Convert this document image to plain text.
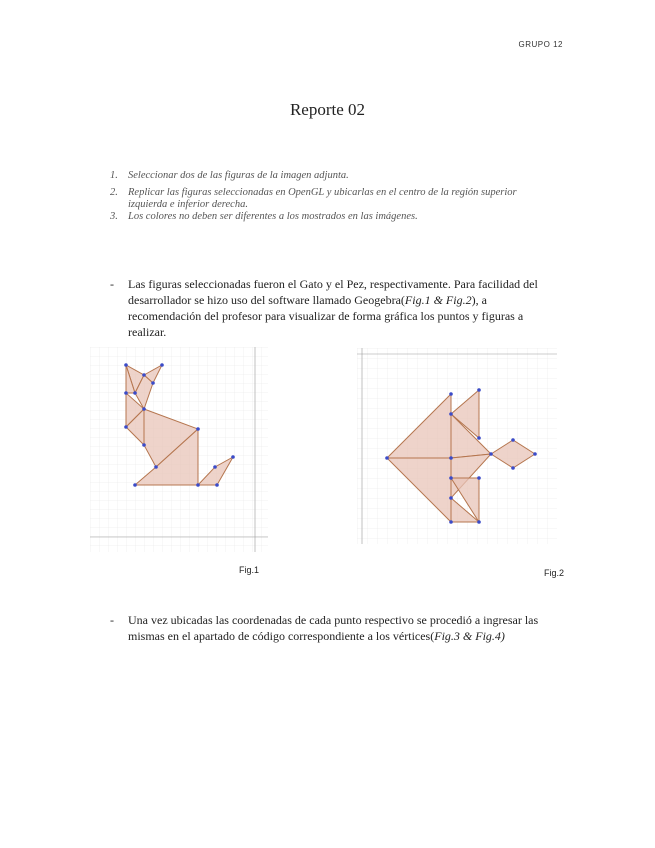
GRUPO 12
Reporte 02
1. Seleccionar dos de las figuras de la imagen adjunta.
2. Replicar las figuras seleccionadas en OpenGL y ubicarlas en el centro de la región superior izquierda e inferior derecha.
3. Los colores no deben ser diferentes a los mostrados en las imágenes.
-	Las figuras seleccionadas fueron el Gato y el Pez, respectivamente. Para facilidad del desarrollador se hizo uso del software llamado Geogebra(Fig.1 & Fig.2), a recomendación del profesor para visualizar de forma gráfica los puntos y figuras a realizar.
Fig.1	Fig.2
-	Una vez ubicadas las coordenadas de cada punto respectivo se procedió a ingresar las mismas en el apartado de código correspondiente a los vértices(Fig.3 & Fig.4)
